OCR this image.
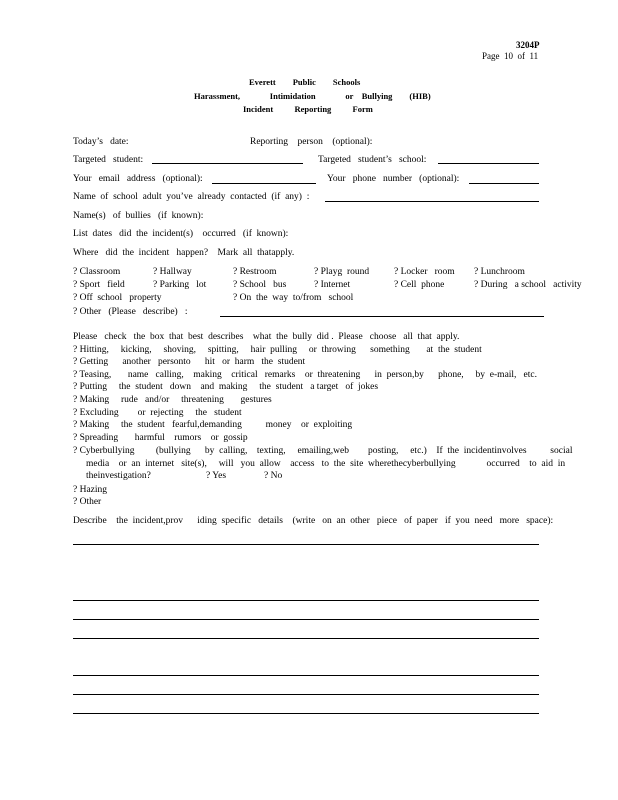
3204P
Page  10  of  11
Everett        Public        Schools
Harassment,              Intimidation              or    Bullying        (HIB)
Incident          Reporting          Form
Today’s   date:	Reporting    person    (optional):
Targeted   student:	Targeted   student’s   school:
Your   email   address   (optional):	Your   phone   number   (optional):
Name  of  school  adult  you’ve  already  contacted  (if  any)  :
Name(s)   of  bullies   (if  known):
List  dates   did  the  incident(s)    occurred   (if  known):
Where   did  the  incident   happen?    Mark  all  thatapply.
? Classroom	? Hallway	? Restroom	? Playg  round	? Locker   room ? Lunchroom
? Sport   field	? Parking   lot	? School   bus	? Internet	? Cell  phone	? During   a school   activity
? Off  school   property	? On  the  way  to/from   school
? Other   (Please   describe)   :
Please   check   the  box  that  best  describes    what  the  bully  did .  Please   choose   all  that  apply.
? Hitting,     kicking,     shoving,     spitting,     hair  pulling     or  throwing      something       at  the  student
? Getting      another   personto      hit   or  harm   the  student
? Teasing,       name   calling,    making    critical   remarks    or  threatening      in  person,by      phone,     by  e-mail,   etc.
? Putting     the  student   down    and  making     the  student   a target   of  jokes
? Making     rude   and/or     threatening       gestures
? Excluding        or  rejecting     the   student
? Making     the  student   fearful,demanding          money    or  exploiting
? Spreading       harmful    rumors    or  gossip
? Cyberbullying         (bullying      by  calling,    texting,     emailing,web        posting,     etc.)    If  the  incidentinvolves          social
media    or  an  internet   site(s),     will   you  allow    access   to  the  site  wherethecyberbullying             occurred    to  aid  in
theinvestigation?	? Yes	? No
? Hazing
? Other
Describe    the  incident,prov      iding  specific   details    (write   on  an  other   piece   of  paper   if  you  need   more   space):
